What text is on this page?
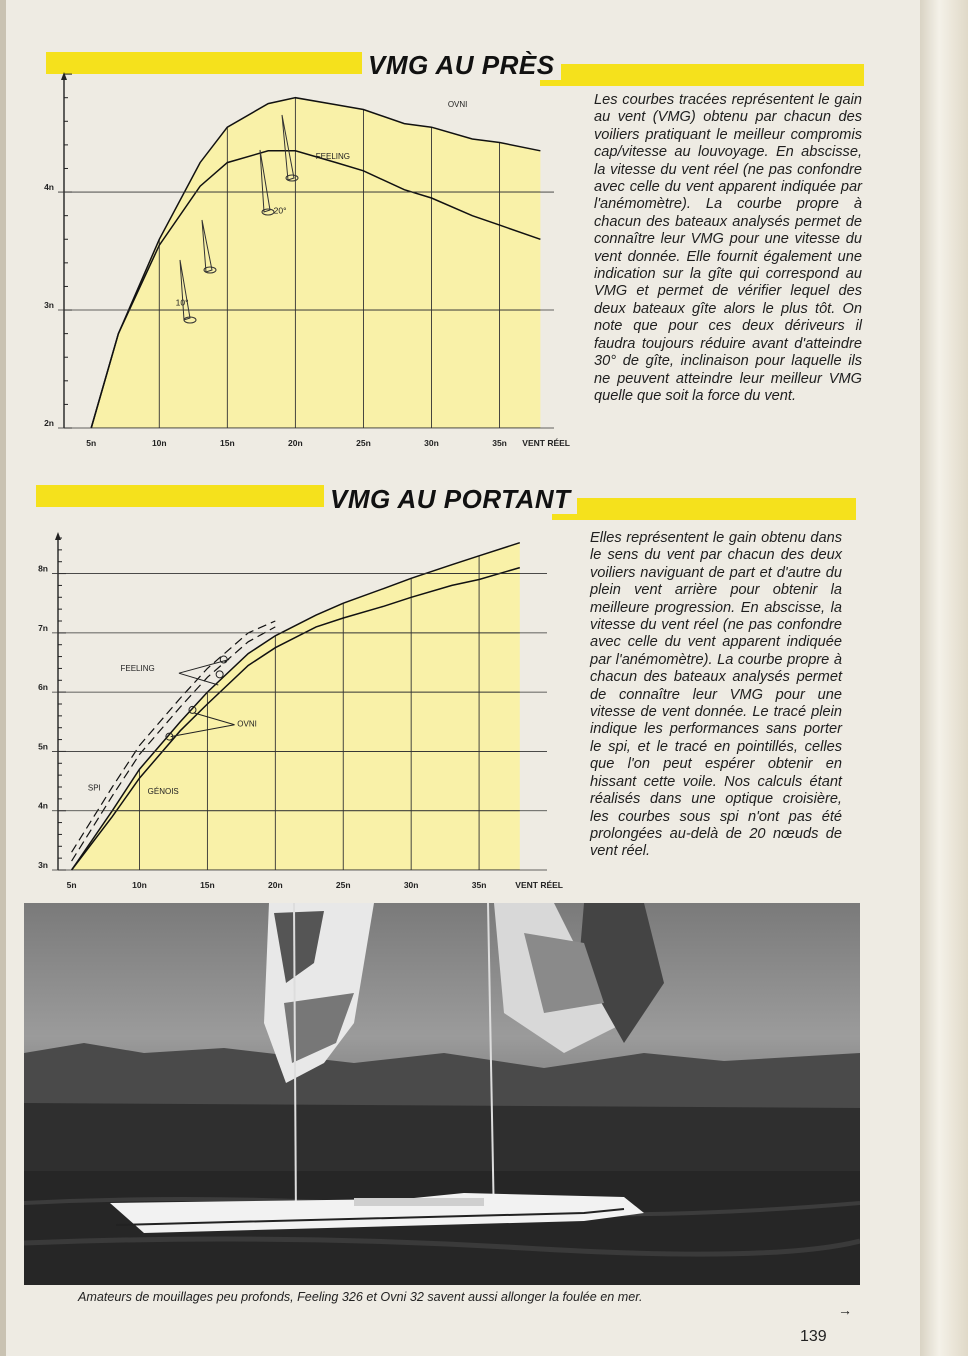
VMG AU PRÈS
5n	10n	15n	20n	25n	30n	35n VENT RÉEL
2n
3n
4n
OVNI
FEELING
10°
20°
Les courbes tracées représentent le gain au vent (VMG) obtenu par chacun des voiliers pratiquant le meilleur compromis cap/vitesse au louvoyage. En abscisse, la vitesse du vent réel (ne pas confondre avec celle du vent apparent indiquée par l'anémomètre). La courbe propre à chacun des bateaux analysés permet de connaître leur VMG pour une vitesse du vent donnée. Elle fournit également une indication sur la gîte qui correspond au VMG et permet de vérifier lequel des deux bateaux gîte alors le plus tôt. On note que pour ces deux dériveurs il faudra toujours réduire avant d'atteindre 30° de gîte, inclinaison pour laquelle ils ne peuvent atteindre leur meilleur VMG quelle que soit la force du vent.
VMG AU PORTANT
5n	10n	15n	20n	25n	30n	35n	VENT RÉEL
3n
4n
5n
6n
7n
8n
FEELING
OVNI
SPI	GÉNOIS
Elles représentent le gain obtenu dans le sens du vent par chacun des deux voiliers naviguant de part et d'autre du plein vent arrière pour obtenir la meilleure progression. En abscisse, la vitesse du vent réel (ne pas confondre avec celle du vent apparent indiquée par l'anémomètre). La courbe propre à chacun des bateaux analysés permet de connaître leur VMG pour une vitesse de vent donnée. Le tracé plein indique les performances sans porter le spi, et le tracé en pointillés, celles que l'on peut espérer obtenir en hissant cette voile. Nos calculs étant réalisés dans une optique croisière, les courbes sous spi n'ont pas été prolongées au-delà de 20 nœuds de vent réel.
Amateurs de mouillages peu profonds, Feeling 326 et Ovni 32 savent aussi allonger la foulée en mer.
→
139
